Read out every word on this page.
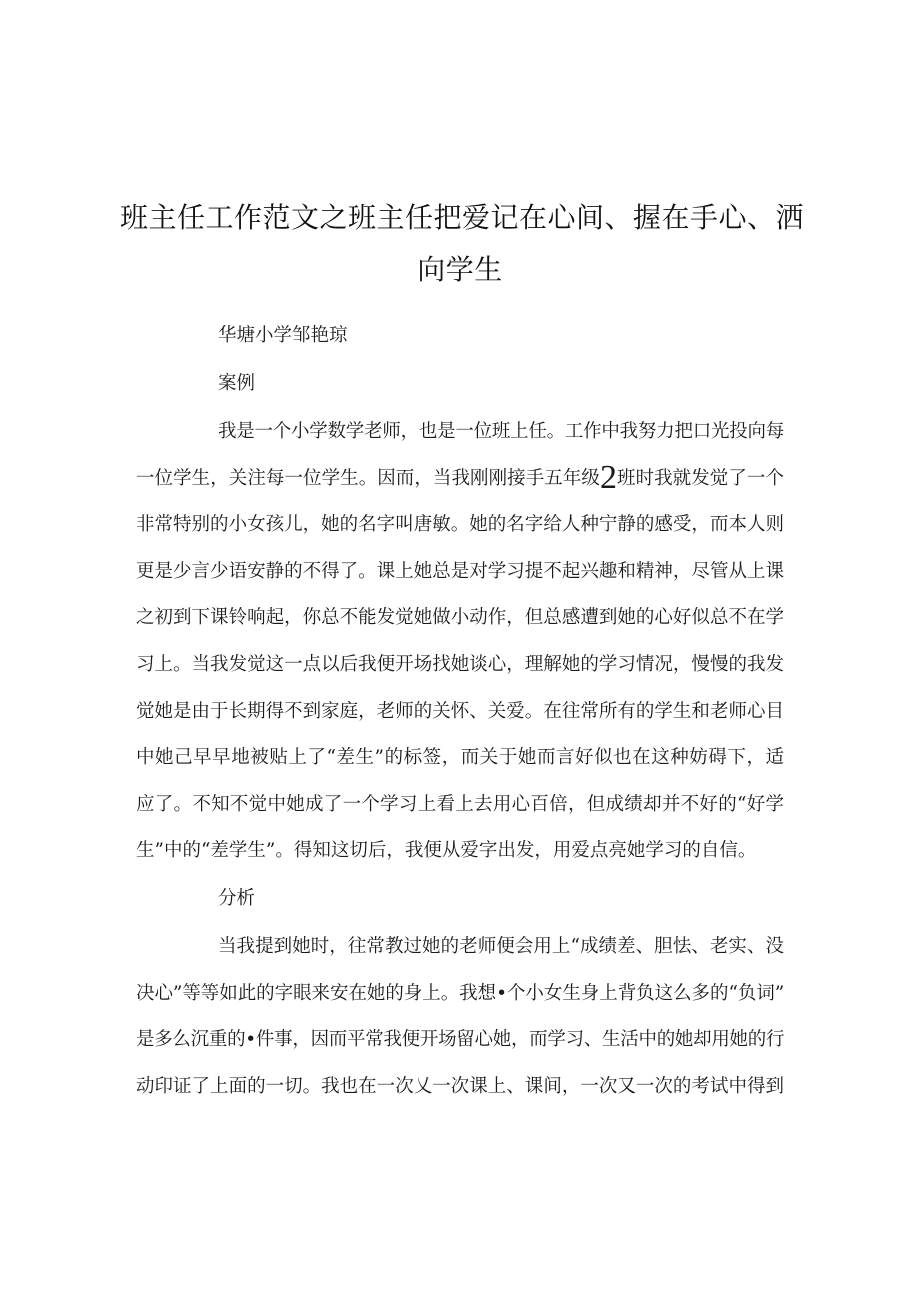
班主任工作范文之班主任把爱记在心间、握在手心、洒
向学生

华塘小学邹艳琼

案例

我是一个小学数学老师，也是一位班上任。工作中我努力把口光投向每
一位学生，关注每一位学生。因而，当我刚刚接手五年级2班时我就发觉了一个
非常特别的小女孩儿，她的名字叫唐敏。她的名字给人种宁静的感受，而本人则
更是少言少语安静的不得了。课上她总是对学习提不起兴趣和精神，尽管从上课
之初到下课铃响起，你总不能发觉她做小动作，但总感遭到她的心好似总不在学
习上。当我发觉这一点以后我便开场找她谈心，理解她的学习情况，慢慢的我发
觉她是由于长期得不到家庭，老师的关怀、关爱。在往常所有的学生和老师心目
中她己早早地被贴上了“差生”的标签，而关于她而言好似也在这种妨碍下，适
应了。不知不觉中她成了一个学习上看上去用心百倍，但成绩却并不好的“好学
生”中的“差学生”。得知这切后，我便从爱字出发，用爱点亮她学习的自信。

分析

当我提到她时，往常教过她的老师便会用上“成绩差、胆怯、老实、没
决心”等等如此的字眼来安在她的身上。我想•个小女生身上背负这么多的“负词”
是多么沉重的•件事，因而平常我便开场留心她，而学习、生活中的她却用她的行
动印证了上面的一切。我也在一次乂一次课上、课间，一次又一次的考试中得到
